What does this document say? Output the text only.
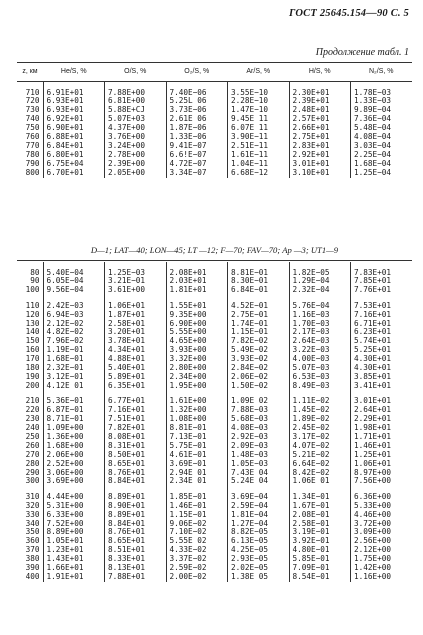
ГОСТ 25645.154—90 С. 5
Продолжение табл. 1
z, км	He/S, %	O/S, %	O₂/S, %	Ar/S, %	H/S, %	N₂/S, %

710	6.91E+01	7.88E+00	7.40E−06	3.55E−10	2.30E+01	1.78E−03
720	6.93E+01	6.81E+00	5.25L 06	2.28E−10	2.39E+01	1.33E−03
730	6.93E+01	5.88E+CJ	3.73E−06	1.47E−10	2.48E+01	9.89E−04
740	6.92E+01	5.07E+03	2.61E 06	9.45E 11	2.57E+01	7.36E−04
750	6.90E+01	4.37E+00	1.87E−06	6.07E 11	2.66E+01	5.48E−04
760	6.88E+01	3.76E+00	1.33E−06	3.90E−11	2.75E+01	4.08E−04
770	6.84E+01	3.24E+00	9.41E−07	2.51E−11	2.83E+01	3.03E−04
780	6.80E+01	2.78E+00	6.6!E−07	1.61E−11	2.92E+01	2.25E−04
790	6.75E+04	2.39E+00	4.72E−07	1.04E−11	3.01E+01	1.68E−04
800	6.70E+01	2.05E+00	3.34E−07	6.68E−12	3.10E+01	1.25E−04
D—1; LAT—40; LON—45; LT —12; F—70; FAV—70; Ap —3; UT1—9

80	5.40E−04	1.25E−03	2.08E+01	8.81E−01	1.82E−05	7.83E+01
90	6.05E−04	3.21E−01	2.03E+01	8.30E−01	1.29E−04	7.85E+01
100	9.56E−04	3.61E+00	1.81E+01	6.84E−01	2.32E−04	7.76E+01

110	2.42E−03	1.06E+01	1.55E+01	4.52E−01	5.76E−04	7.53E+01
120	6.94E−03	1.87E+01	9.35E+00	2.75E−01	1.16E−03	7.16E+01
130	2.12E−02	2.58E+01	6.90E+00	1.74E−01	1.70E−03	6.71E+01
140	4.82E−02	3.20E+01	5.55E+00	1.15E−01	2.17E−03	6.23E+01
150	7.96E−02	3.78E+01	4.65E+00	7.82E−02	2.64E−03	5.74E+01
160	1.19E−01	4.34E+01	3.93E+00	5.49E−02	3.22E−03	5.25E+01
170	1.68E−01	4.88E+01	3.32E+00	3.93E−02	4.00E−03	4.30E+01
180	2.32E−01	5.40E+01	2.80E+00	2.84E−02	5.07E−03	4.30E+01
190	3.12E−01	5.89E+01	2.34E+00	2.06E−02	6.53E−03	3.85E+01
200	4.12E 01	6.35E+01	1.95E+00	1.50E−02	8.49E−03	3.41E+01

210	5.36E−01	6.77E+01	1.61E+00	1.09E 02	1.11E−02	3.01E+01
220	6.87E−01	7.16E+01	1.32E+00	7.88E−03	1.45E−02	2.64E+01
230	8.71E−01	7.51E+01	1.08E+00	5.68E−03	1.89E−02	2.29E+01
240	1.09E+00	7.82E+01	8.81E−01	4.08E−03	2.45E−02	1.98E+01
250	1.36E+00	8.08E+01	7.13E−01	2.92E−03	3.17E−02	1.71E+01
260	1.68E+00	8.31E+01	5.75E−01	2.09E−03	4.07E−02	1.46E+01
270	2.06E+00	8.50E+01	4.61E−01	1.48E−03	5.21E−02	1.25E+01
280	2.52E+00	8.65E+01	3.69E−01	1.05E−03	6.64E−02	1.06E+01
290	3.06E+00	8.76E+01	2.94E 01	7.43E 04	8.42E−02	8.97E+00
300	3.69E+00	8.84E+01	2.34E 01	5.24E 04	1.06E 01	7.56E+00

310	4.44E+00	8.89E+01	1.85E−01	3.69E−04	1.34E−01	6.36E+00
320	5.31E+00	8.90E+01	1.46E−01	2.59E−04	1.67E−01	5.33E+00
330	6.33E+00	8.89E+01	1.15E−01	1.81E−04	2.08E−01	4.46E+00
340	7.52E+00	8.84E+01	9.06E−02	1.27E−04	2.58E−01	3.72E+00
350	8.89E+00	8.76E+01	7.10E−02	8.82E−05	3.19E−01	3.09E+00
360	1.05E+01	8.65E+01	5.55E 02	6.13E−05	3.92E−01	2.56E+00
370	1.23E+01	8.51E+01	4.33E−02	4.25E−05	4.80E−01	2.12E+00
380	1.43E+01	8.33E+01	3.37E−02	2.93E−05	5.85E−01	1.75E+00
390	1.66E+01	8.13E+01	2.59E−02	2.02E−05	7.09E−01	1.42E+00
400	1.91E+01	7.88E+01	2.00E−02	1.38E 05	8.54E−01	1.16E+00
